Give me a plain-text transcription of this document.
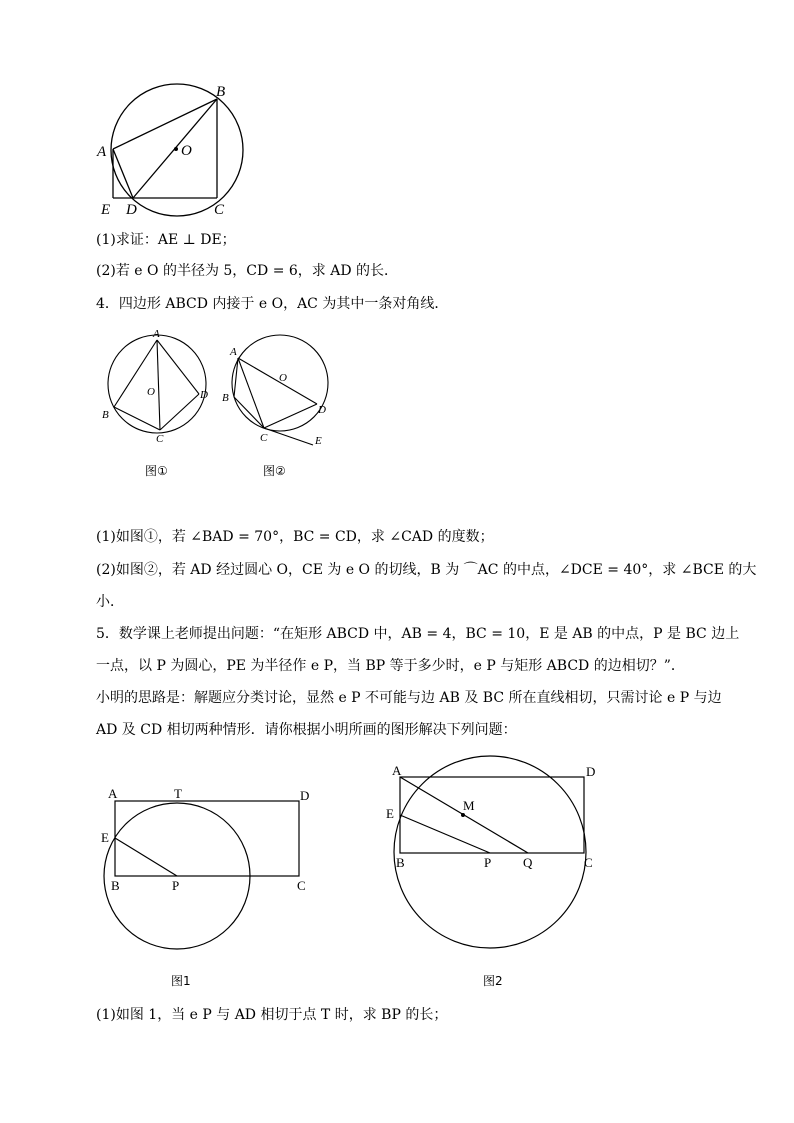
B
A	O
E D	C
(1)求证：AE ⊥ DE；
(2)若 e O 的半径为 5，CD = 6，求 AD 的长．
4．四边形 ABCD 内接于 e O，AC 为其中一条对角线．
A
O	D
B
C
A
O
B
D
C	E
图①	图②
(1)如图①，若 ∠BAD = 70°，BC = CD，求 ∠CAD 的度数；
(2)如图②，若 AD 经过圆心 O，CE 为 e O 的切线，B 为 ⌒AC 的中点，∠DCE = 40°，求 ∠BCE 的大
小．
5．数学课上老师提出问题：“在矩形 ABCD 中，AB = 4，BC = 10，E 是 AB 的中点，P 是 BC 边上
一点，以 P 为圆心，PE 为半径作 e P，当 BP 等于多少时，e P 与矩形 ABCD 的边相切？”．
小明的思路是：解题应分类讨论，显然 e P 不可能与边 AB 及 BC 所在直线相切，只需讨论 e P 与边
AD 及 CD 相切两种情形．请你根据小明所画的图形解决下列问题：
A	T	D
E
B	P	C
A	D
M
E
B	P Q	C
图1	图2
(1)如图 1，当 e P 与 AD 相切于点 T 时，求 BP 的长；
